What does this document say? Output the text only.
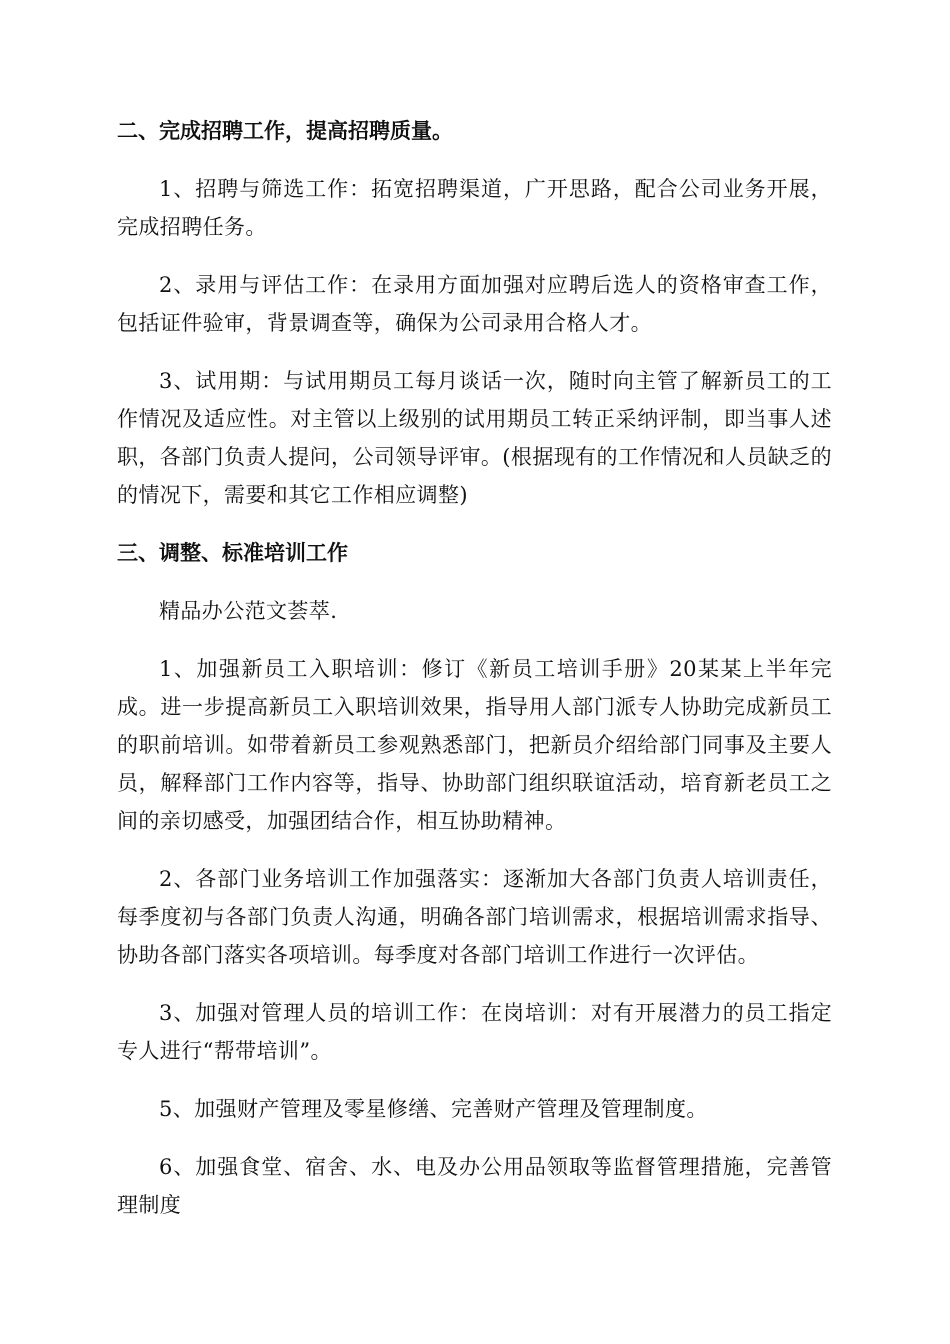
二、完成招聘工作，提高招聘质量。

1、招聘与筛选工作：拓宽招聘渠道，广开思路，配合公司业务开展，完成招聘任务。

2、录用与评估工作：在录用方面加强对应聘后选人的资格审查工作，包括证件验审，背景调查等，确保为公司录用合格人才。

3、试用期：与试用期员工每月谈话一次，随时向主管了解新员工的工作情况及适应性。对主管以上级别的试用期员工转正采纳评制，即当事人述职，各部门负责人提问，公司领导评审。(根据现有的工作情况和人员缺乏的的情况下，需要和其它工作相应调整)

三、调整、标准培训工作

精品办公范文荟萃.

1、加强新员工入职培训：修订《新员工培训手册》20某某上半年完成。进一步提高新员工入职培训效果，指导用人部门派专人协助完成新员工的职前培训。如带着新员工参观熟悉部门，把新员介绍给部门同事及主要人员，解释部门工作内容等，指导、协助部门组织联谊活动，培育新老员工之间的亲切感受，加强团结合作，相互协助精神。

2、各部门业务培训工作加强落实：逐渐加大各部门负责人培训责任，每季度初与各部门负责人沟通，明确各部门培训需求，根据培训需求指导、协助各部门落实各项培训。每季度对各部门培训工作进行一次评估。

3、加强对管理人员的培训工作：在岗培训：对有开展潜力的员工指定专人进行“帮带培训”。

5、加强财产管理及零星修缮、完善财产管理及管理制度。

6、加强食堂、宿舍、水、电及办公用品领取等监督管理措施，完善管理制度
